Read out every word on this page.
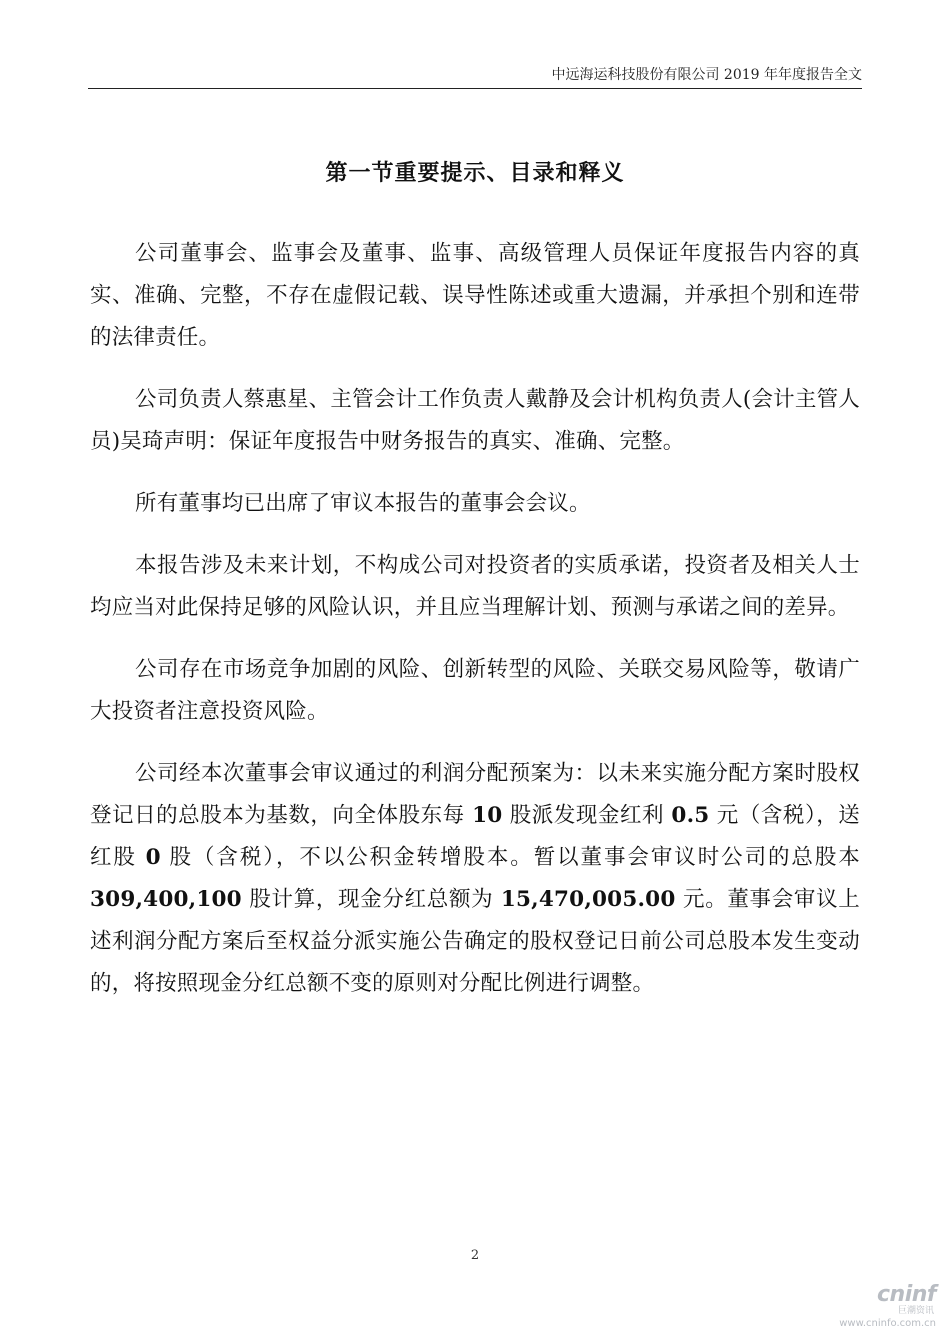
中远海运科技股份有限公司 2019 年年度报告全文
第一节重要提示、目录和释义

公司董事会、监事会及董事、监事、高级管理人员保证年度报告内容的真实、准确、完整，不存在虚假记载、误导性陈述或重大遗漏，并承担个别和连带的法律责任。

公司负责人蔡惠星、主管会计工作负责人戴静及会计机构负责人(会计主管人员)吴琦声明：保证年度报告中财务报告的真实、准确、完整。

所有董事均已出席了审议本报告的董事会会议。

本报告涉及未来计划，不构成公司对投资者的实质承诺，投资者及相关人士均应当对此保持足够的风险认识，并且应当理解计划、预测与承诺之间的差异。

公司存在市场竞争加剧的风险、创新转型的风险、关联交易风险等，敬请广大投资者注意投资风险。

公司经本次董事会审议通过的利润分配预案为：以未来实施分配方案时股权登记日的总股本为基数，向全体股东每 10 股派发现金红利 0.5 元（含税），送红股 0 股（含税），不以公积金转增股本。暂以董事会审议时公司的总股本 309,400,100 股计算，现金分红总额为 15,470,005.00 元。董事会审议上述利润分配方案后至权益分派实施公告确定的股权登记日前公司总股本发生变动的，将按照现金分红总额不变的原则对分配比例进行调整。

2
cninf
巨潮资讯
www.cninfo.com.cn
